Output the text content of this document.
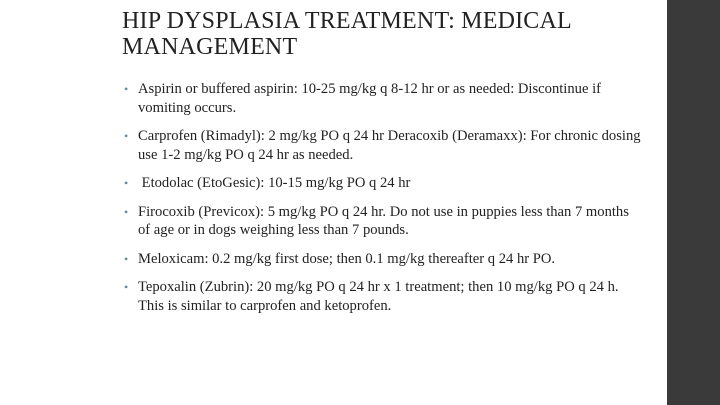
HIP DYSPLASIA TREATMENT: MEDICAL MANAGEMENT
• Aspirin or buffered aspirin: 10-25 mg/kg q 8-12 hr or as needed: Discontinue if vomiting occurs.
• Carprofen (Rimadyl): 2 mg/kg PO q 24 hr Deracoxib (Deramaxx): For chronic dosing use 1-2 mg/kg PO q 24 hr as needed.
• Etodolac (EtoGesic): 10-15 mg/kg PO q 24 hr
• Firocoxib (Previcox): 5 mg/kg PO q 24 hr. Do not use in puppies less than 7 months of age or in dogs weighing less than 7 pounds.
• Meloxicam: 0.2 mg/kg first dose; then 0.1 mg/kg thereafter q 24 hr PO.
• Tepoxalin (Zubrin): 20 mg/kg PO q 24 hr x 1 treatment; then 10 mg/kg PO q 24 h. This is similar to carprofen and ketoprofen.
